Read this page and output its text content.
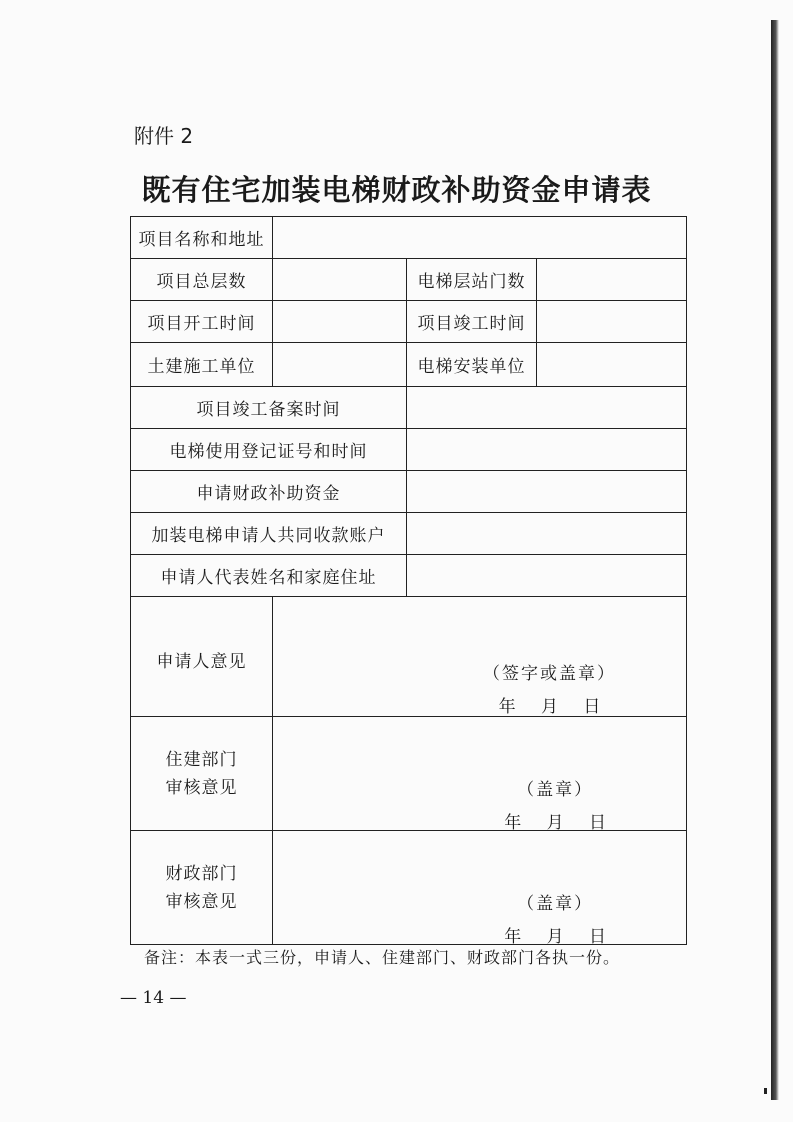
附件 2
既有住宅加装电梯财政补助资金申请表
项目名称和地址			
项目总层数		电梯层站门数	
项目开工时间		项目竣工时间	
土建施工单位		电梯安装单位	
项目竣工备案时间			
电梯使用登记证号和时间			
申请财政补助资金			
加装电梯申请人共同收款账户			
申请人代表姓名和家庭住址			
申请人意见	（签字或盖章）
年 月 日		

住建部门
审核意见	（盖章）
年 月 日		

财政部门
审核意见	（盖章）
年 月 日		
备注：本表一式三份，申请人、住建部门、财政部门各执一份。
— 14 —
